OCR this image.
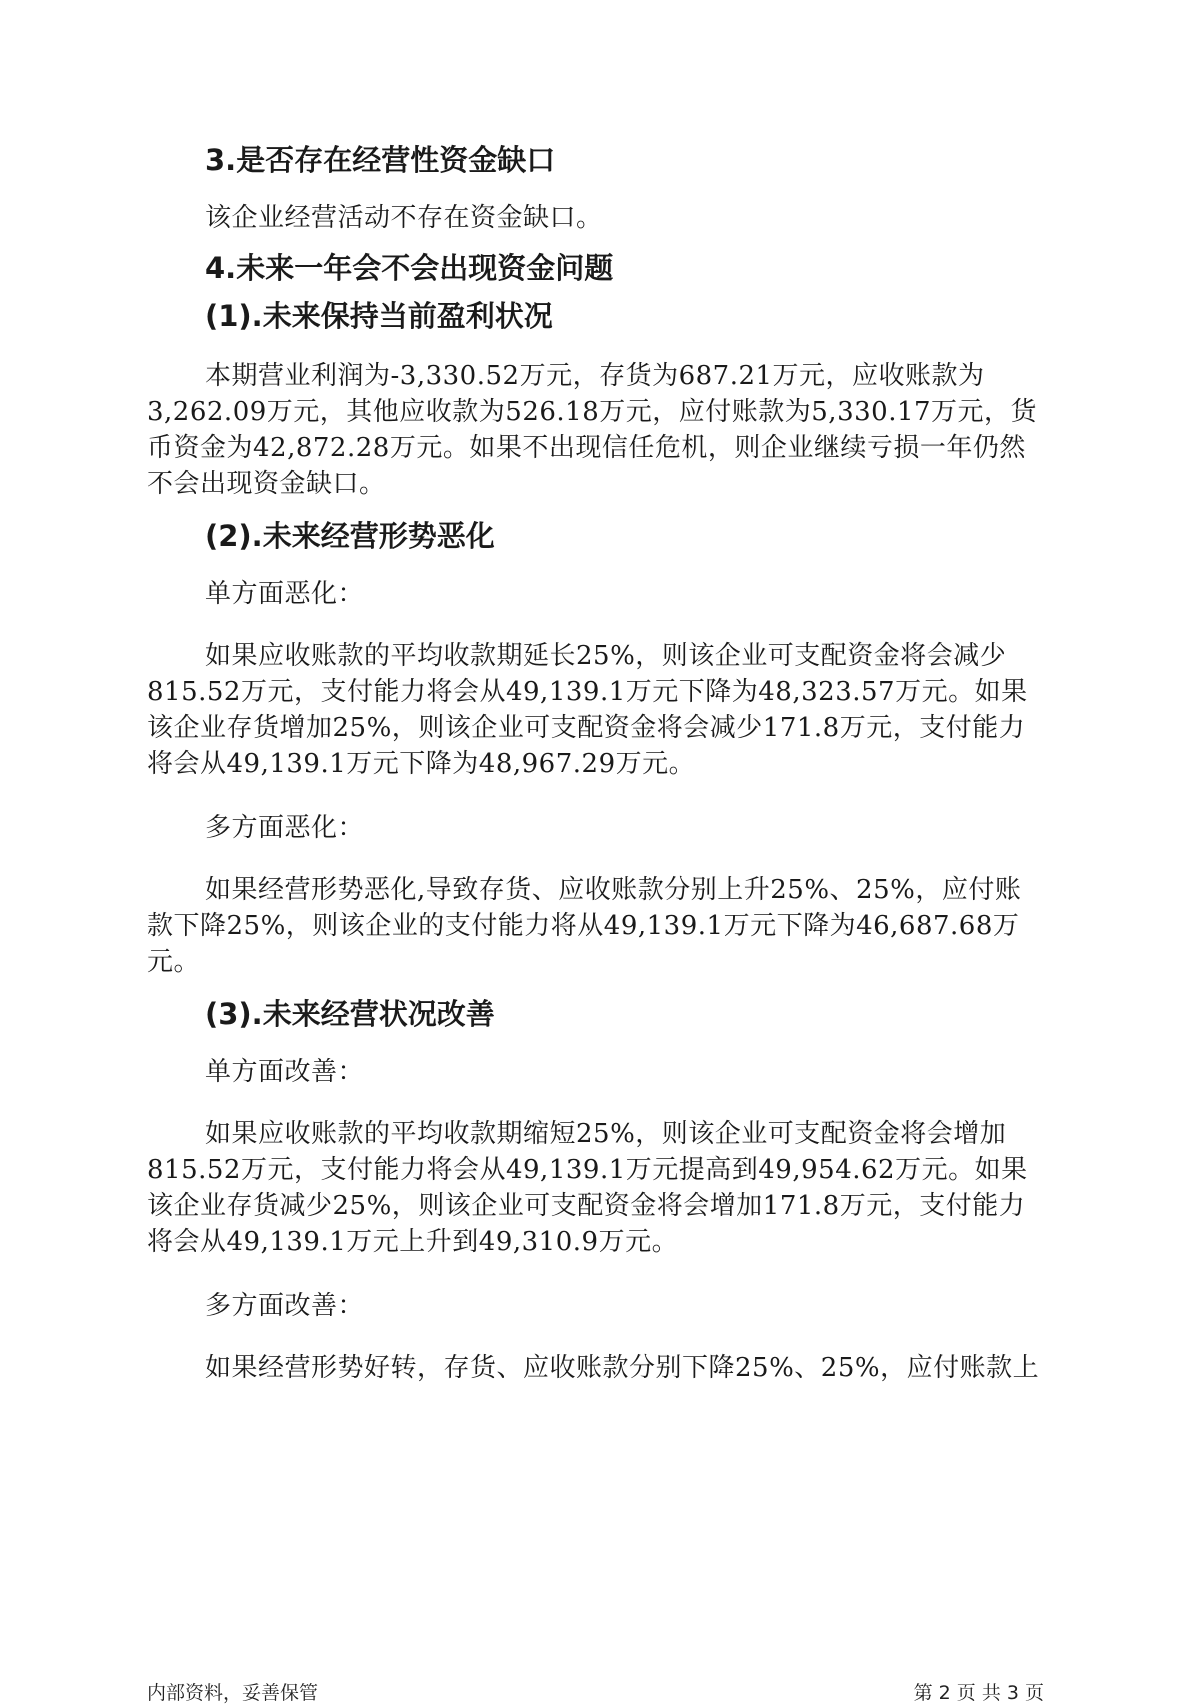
3.是否存在经营性资金缺口

该企业经营活动不存在资金缺口。

4.未来一年会不会出现资金问题
(1).未来保持当前盈利状况

本期营业利润为-3,330.52万元，存货为687.21万元，应收账款为3,262.09万元，其他应收款为526.18万元，应付账款为5,330.17万元，货币资金为42,872.28万元。如果不出现信任危机，则企业继续亏损一年仍然不会出现资金缺口。

(2).未来经营形势恶化

单方面恶化：

如果应收账款的平均收款期延长25%，则该企业可支配资金将会减少815.52万元，支付能力将会从49,139.1万元下降为48,323.57万元。如果该企业存货增加25%，则该企业可支配资金将会减少171.8万元，支付能力将会从49,139.1万元下降为48,967.29万元。

多方面恶化：

如果经营形势恶化,导致存货、应收账款分别上升25%、25%，应付账款下降25%，则该企业的支付能力将从49,139.1万元下降为46,687.68万元。

(3).未来经营状况改善

单方面改善：

如果应收账款的平均收款期缩短25%，则该企业可支配资金将会增加815.52万元，支付能力将会从49,139.1万元提高到49,954.62万元。如果该企业存货减少25%，则该企业可支配资金将会增加171.8万元，支付能力将会从49,139.1万元上升到49,310.9万元。

多方面改善：

如果经营形势好转，存货、应收账款分别下降25%、25%，应付账款上

内部资料，妥善保管	第 2 页 共 3 页
